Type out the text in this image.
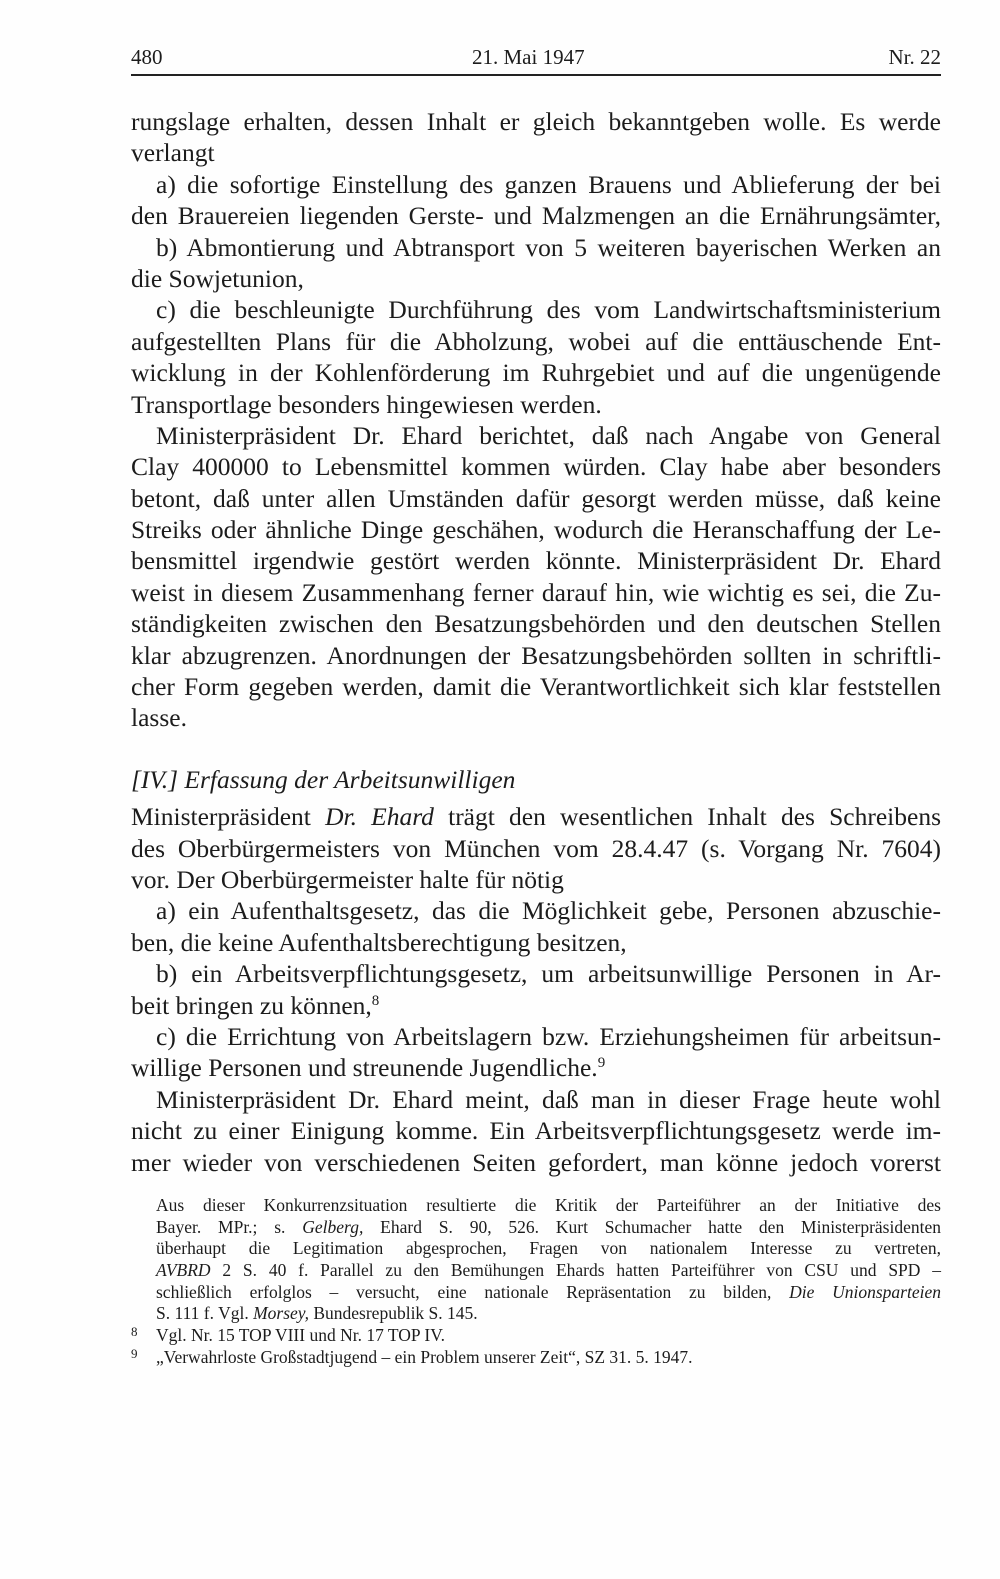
480	21. Mai 1947	Nr. 22
rungslage erhalten, dessen Inhalt er gleich bekanntgeben wolle. Es werde
verlangt
a) die sofortige Einstellung des ganzen Brauens und Ablieferung der bei
den Brauereien liegenden Gerste- und Malzmengen an die Ernährungsämter,
b) Abmontierung und Abtransport von 5 weiteren bayerischen Werken an
die Sowjetunion,
c) die beschleunigte Durchführung des vom Landwirtschaftsministerium
aufgestellten Plans für die Abholzung, wobei auf die enttäuschende Ent-
wicklung in der Kohlenförderung im Ruhrgebiet und auf die ungenügende
Transportlage besonders hingewiesen werden.
Ministerpräsident Dr. Ehard berichtet, daß nach Angabe von General
Clay 400000 to Lebensmittel kommen würden. Clay habe aber besonders
betont, daß unter allen Umständen dafür gesorgt werden müsse, daß keine
Streiks oder ähnliche Dinge geschähen, wodurch die Heranschaffung der Le-
bensmittel irgendwie gestört werden könnte. Ministerpräsident Dr. Ehard
weist in diesem Zusammenhang ferner darauf hin, wie wichtig es sei, die Zu-
ständigkeiten zwischen den Besatzungsbehörden und den deutschen Stellen
klar abzugrenzen. Anordnungen der Besatzungsbehörden sollten in schriftli-
cher Form gegeben werden, damit die Verantwortlichkeit sich klar feststellen
lasse.
[IV.] Erfassung der Arbeitsunwilligen
Ministerpräsident Dr. Ehard trägt den wesentlichen Inhalt des Schreibens
des Oberbürgermeisters von München vom 28.4.47 (s. Vorgang Nr. 7604)
vor. Der Oberbürgermeister halte für nötig
a) ein Aufenthaltsgesetz, das die Möglichkeit gebe, Personen abzuschie-
ben, die keine Aufenthaltsberechtigung besitzen,
b) ein Arbeitsverpflichtungsgesetz, um arbeitsunwillige Personen in Ar-
beit bringen zu können,$^8$
c) die Errichtung von Arbeitslagern bzw. Erziehungsheimen für arbeitsun-
willige Personen und streunende Jugendliche.$^9$
Ministerpräsident Dr. Ehard meint, daß man in dieser Frage heute wohl
nicht zu einer Einigung komme. Ein Arbeitsverpflichtungsgesetz werde im-
mer wieder von verschiedenen Seiten gefordert, man könne jedoch vorerst
Aus dieser Konkurrenzsituation resultierte die Kritik der Parteiführer an der Initiative des
Bayer. MPr.; s. Gelberg, Ehard S. 90, 526. Kurt Schumacher hatte den Ministerpräsidenten
überhaupt die Legitimation abgesprochen, Fragen von nationalem Interesse zu vertreten,
AVBRD 2 S. 40 f. Parallel zu den Bemühungen Ehards hatten Parteiführer von CSU und SPD –
schließlich erfolglos – versucht, eine nationale Repräsentation zu bilden, Die Unionsparteien
S. 111 f. Vgl. Morsey, Bundesrepublik S. 145.
8 Vgl. Nr. 15 TOP VIII und Nr. 17 TOP IV.
9 „Verwahrloste Großstadtjugend – ein Problem unserer Zeit“, SZ 31. 5. 1947.
